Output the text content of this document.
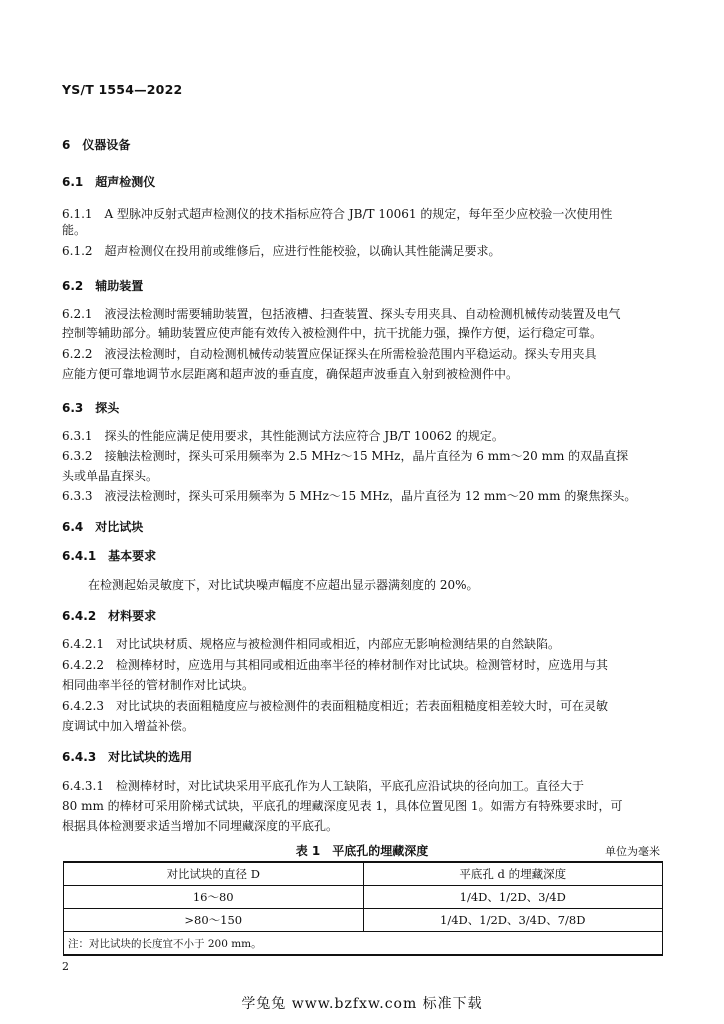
YS/T 1554—2022
6 仪器设备
6.1 超声检测仪
6.1.1 A 型脉冲反射式超声检测仪的技术指标应符合 JB/T 10061 的规定，每年至少应校验一次使用性
能。
6.1.2 超声检测仪在投用前或维修后，应进行性能校验，以确认其性能满足要求。
6.2 辅助装置
6.2.1 液浸法检测时需要辅助装置，包括液槽、扫查装置、探头专用夹具、自动检测机械传动装置及电气
控制等辅助部分。辅助装置应使声能有效传入被检测件中，抗干扰能力强，操作方便，运行稳定可靠。
6.2.2 液浸法检测时，自动检测机械传动装置应保证探头在所需检验范围内平稳运动。探头专用夹具
应能方便可靠地调节水层距离和超声波的垂直度，确保超声波垂直入射到被检测件中。
6.3 探头
6.3.1 探头的性能应满足使用要求，其性能测试方法应符合 JB/T 10062 的规定。
6.3.2 接触法检测时，探头可采用频率为 2.5 MHz～15 MHz，晶片直径为 6 mm～20 mm 的双晶直探
头或单晶直探头。
6.3.3 液浸法检测时，探头可采用频率为 5 MHz～15 MHz，晶片直径为 12 mm～20 mm 的聚焦探头。
6.4 对比试块
6.4.1 基本要求
在检测起始灵敏度下，对比试块噪声幅度不应超出显示器满刻度的 20%。
6.4.2 材料要求
6.4.2.1 对比试块材质、规格应与被检测件相同或相近，内部应无影响检测结果的自然缺陷。
6.4.2.2 检测棒材时，应选用与其相同或相近曲率半径的棒材制作对比试块。检测管材时，应选用与其
相同曲率半径的管材制作对比试块。
6.4.2.3 对比试块的表面粗糙度应与被检测件的表面粗糙度相近；若表面粗糙度相差较大时，可在灵敏
度调试中加入增益补偿。
6.4.3 对比试块的选用
6.4.3.1 检测棒材时，对比试块采用平底孔作为人工缺陷，平底孔应沿试块的径向加工。直径大于
80 mm 的棒材可采用阶梯式试块，平底孔的埋藏深度见表 1，具体位置见图 1。如需方有特殊要求时，可
根据具体检测要求适当增加不同埋藏深度的平底孔。
表 1　平底孔的埋藏深度	单位为毫米
对比试块的直径 D	平底孔 d 的埋藏深度
16～80	1/4D、1/2D、3/4D
>80～150	1/4D、1/2D、3/4D、7/8D
注：对比试块的长度宜不小于 200 mm。	
2
学兔兔 www.bzfxw.com 标准下载
